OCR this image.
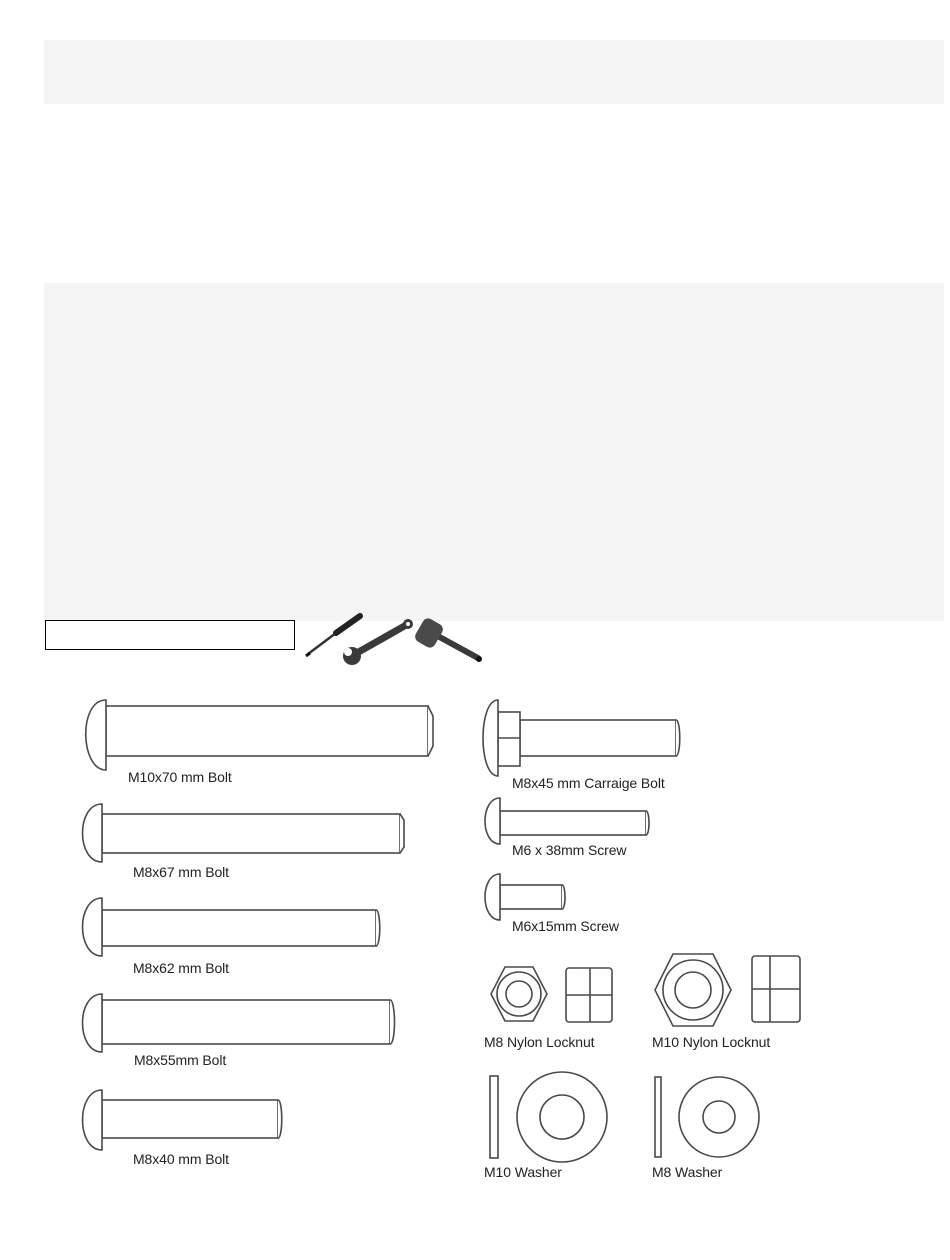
M10x70 mm Bolt
M8x67 mm Bolt
M8x62 mm Bolt
M8x55mm Bolt
M8x40 mm Bolt
M8x45 mm Carraige Bolt
M6 x 38mm Screw
M6x15mm Screw
M8 Nylon Locknut	M10 Nylon Locknut
M10 Washer	M8 Washer
